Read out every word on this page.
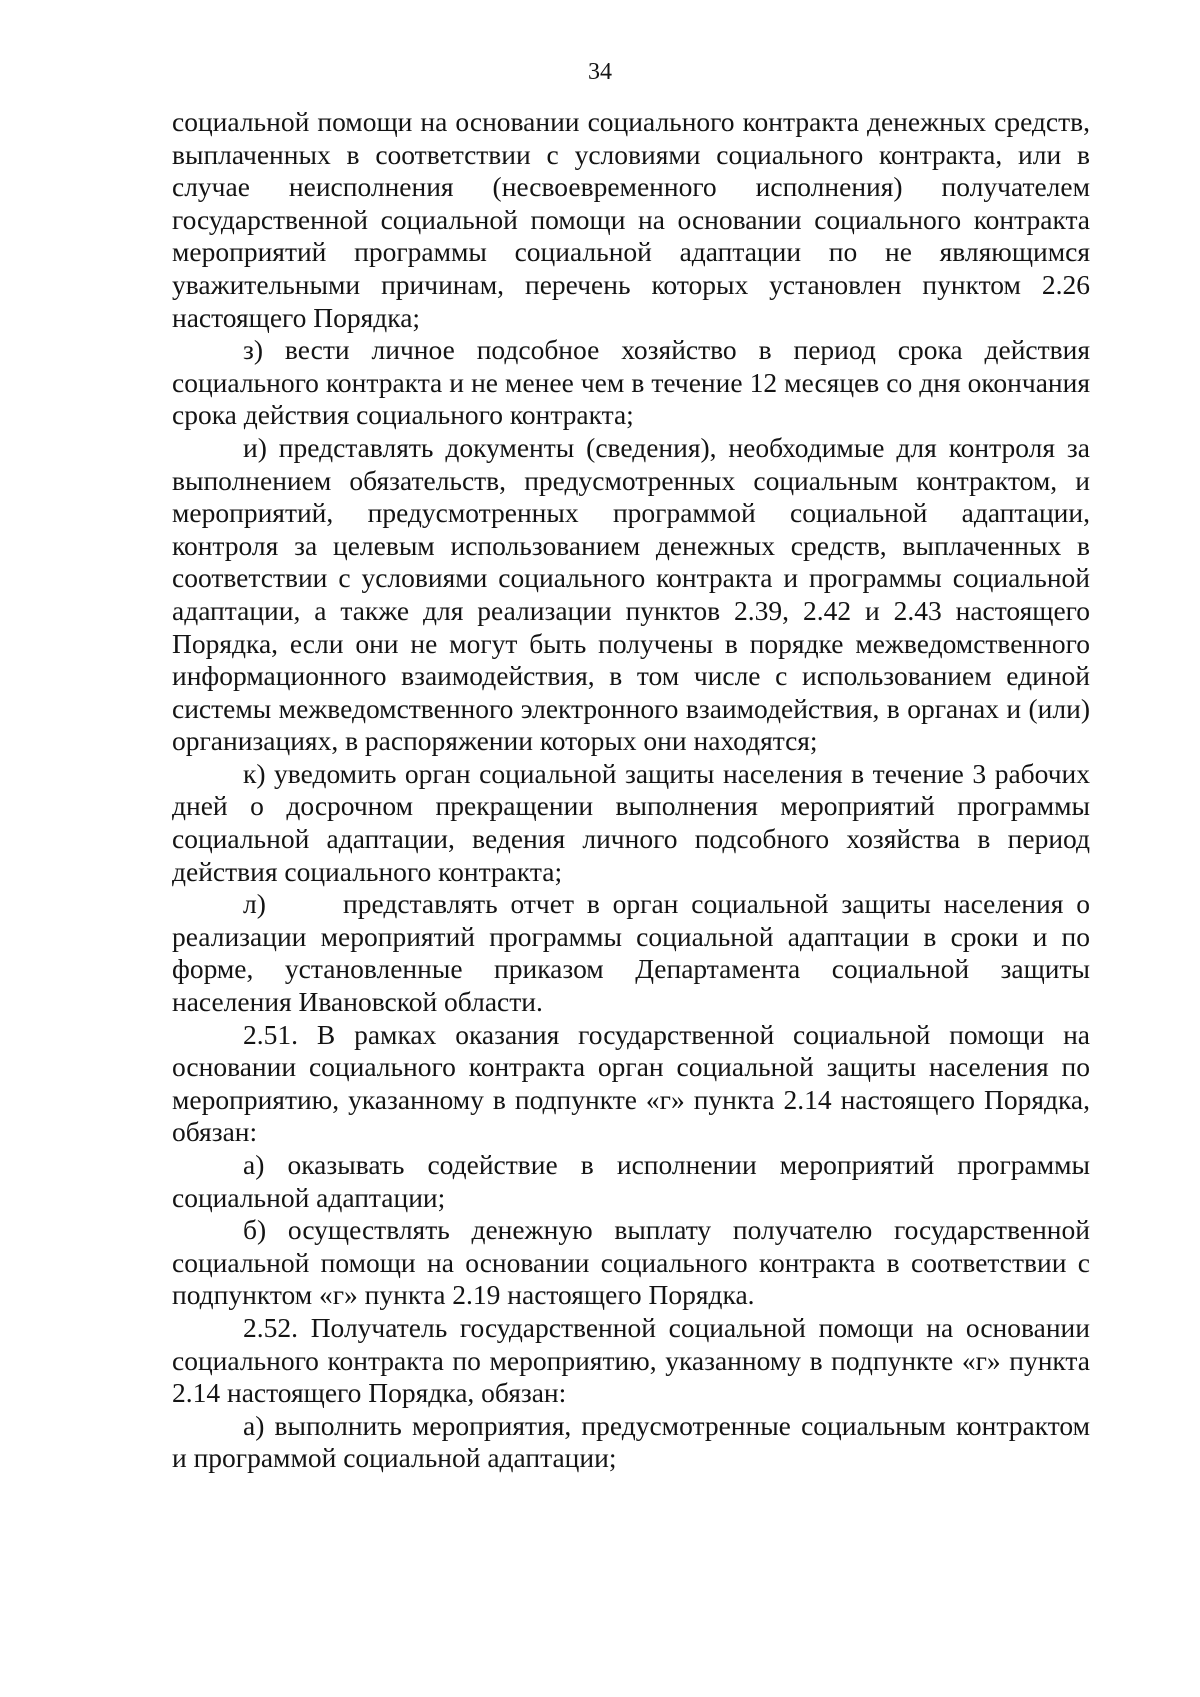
34

социальной помощи на основании социального контракта денежных средств, выплаченных в соответствии с условиями социального контракта, или в случае неисполнения (несвоевременного исполнения) получателем государственной социальной помощи на основании социального контракта мероприятий программы социальной адаптации по не являющимся уважительными причинам, перечень которых установлен пунктом 2.26 настоящего Порядка;

з) вести личное подсобное хозяйство в период срока действия социального контракта и не менее чем в течение 12 месяцев со дня окончания срока действия социального контракта;

и) представлять документы (сведения), необходимые для контроля за выполнением обязательств, предусмотренных социальным контрактом, и мероприятий, предусмотренных программой социальной адаптации, контроля за целевым использованием денежных средств, выплаченных в соответствии с условиями социального контракта и программы социальной адаптации, а также для реализации пунктов 2.39, 2.42 и 2.43 настоящего Порядка, если они не могут быть получены в порядке межведомственного информационного взаимодействия, в том числе с использованием единой системы межведомственного электронного взаимодействия, в органах и (или) организациях, в распоряжении которых они находятся;

к) уведомить орган социальной защиты населения в течение 3 рабочих дней о досрочном прекращении выполнения мероприятий программы социальной адаптации, ведения личного подсобного хозяйства в период действия социального контракта;

л)      представлять отчет в орган социальной защиты населения о реализации мероприятий программы социальной адаптации в сроки и по форме, установленные приказом Департамента социальной защиты населения Ивановской области.

2.51. В рамках оказания государственной социальной помощи на основании социального контракта орган социальной защиты населения по мероприятию, указанному в подпункте «г» пункта 2.14 настоящего Порядка, обязан:

а) оказывать содействие в исполнении мероприятий программы социальной адаптации;

б) осуществлять денежную выплату получателю государственной социальной помощи на основании социального контракта в соответствии с подпунктом «г» пункта 2.19 настоящего Порядка.

2.52. Получатель государственной социальной помощи на основании социального контракта по мероприятию, указанному в подпункте «г» пункта 2.14 настоящего Порядка, обязан:

а) выполнить мероприятия, предусмотренные социальным контрактом и программой социальной адаптации;
